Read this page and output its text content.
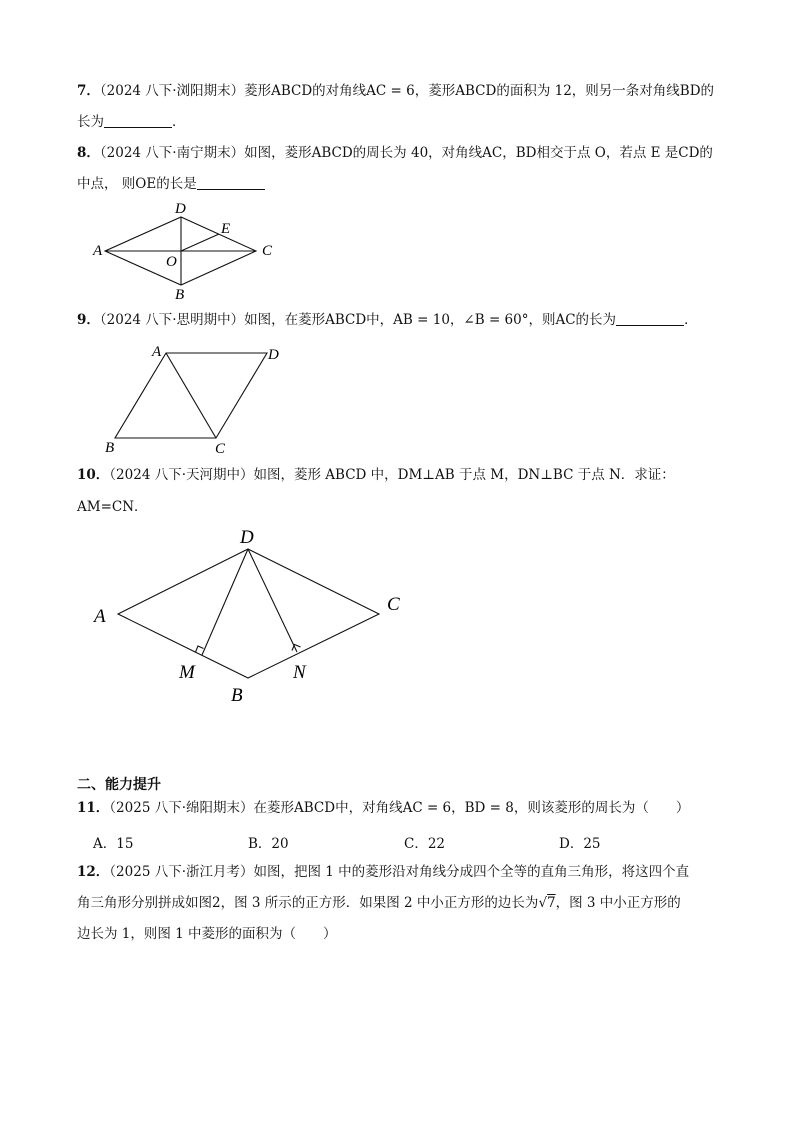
7．（2024 八下·浏阳期末）菱形ABCD的对角线AC = 6，菱形ABCD的面积为 12，则另一条对角线BD的
长为	．
8．（2024 八下·南宁期末）如图，菱形ABCD的周长为 40，对角线AC，BD相交于点 O，若点 E 是CD的
中点， 则OE的长是
A
D
C
B
E
O
9．（2024 八下·思明期中）如图，在菱形ABCD中，AB = 10，∠B = 60°，则AC的长为	．
A	D
B	C
10．（2024 八下·天河期中）如图，菱形 ABCD 中，DM⊥AB 于点 M，DN⊥BC 于点 N．求证：
AM=CN．
D
A
C
M	N
B
二、能力提升
11．（2025 八下·绵阳期末）在菱形ABCD中，对角线AC = 6，BD = 8，则该菱形的周长为（　　）
A．15	B．20	C．22	D．25
12．（2025 八下·浙江月考）如图，把图 1 中的菱形沿对角线分成四个全等的直角三角形，将这四个直
角三角形分别拼成如图2，图 3 所示的正方形．如果图 2 中小正方形的边长为√7，图 3 中小正方形的
边长为 1，则图 1 中菱形的面积为（　　）
